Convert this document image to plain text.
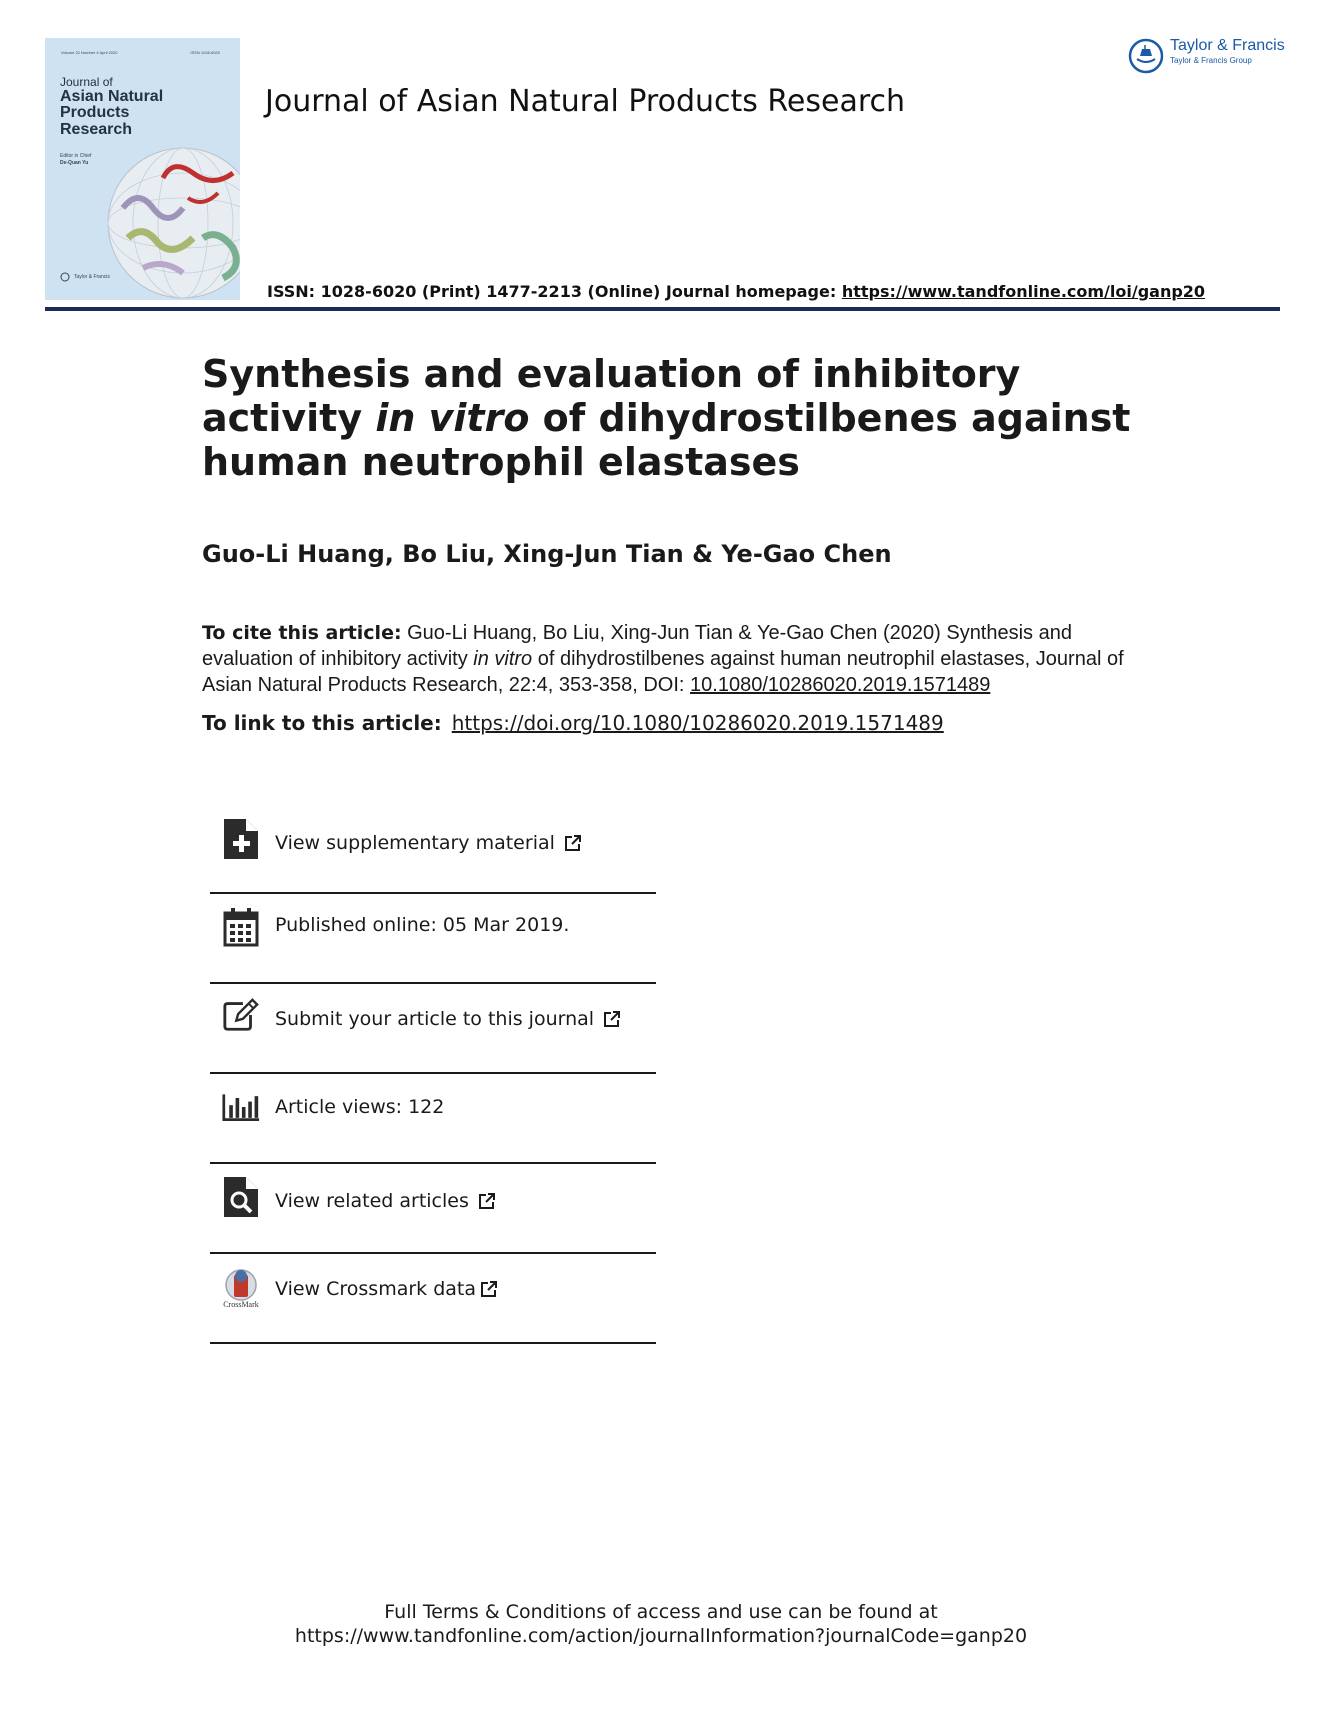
Volume 22 Number 4 April 2020	ISSN 1028-6020
Journal of
Asian Natural Products Research
Editor in Chief
De-Quan Yu
Taylor & Francis
Journal of Asian Natural Products Research
ISSN: 1028-6020 (Print) 1477-2213 (Online) Journal homepage: https://www.tandfonline.com/loi/ganp20
Taylor & Francis
Taylor & Francis Group
Synthesis and evaluation of inhibitory activity in vitro of dihydrostilbenes against human neutrophil elastases
Guo-Li Huang, Bo Liu, Xing-Jun Tian & Ye-Gao Chen
To cite this article: Guo-Li Huang, Bo Liu, Xing-Jun Tian & Ye-Gao Chen (2020) Synthesis and evaluation of inhibitory activity in vitro of dihydrostilbenes against human neutrophil elastases, Journal of Asian Natural Products Research, 22:4, 353-358, DOI: 10.1080/10286020.2019.1571489
To link to this article: https://doi.org/10.1080/10286020.2019.1571489
View supplementary material
Published online: 05 Mar 2019.
Submit your article to this journal
Article views: 122
View related articles
CrossMark
View Crossmark data
Full Terms & Conditions of access and use can be found at
https://www.tandfonline.com/action/journalInformation?journalCode=ganp20
